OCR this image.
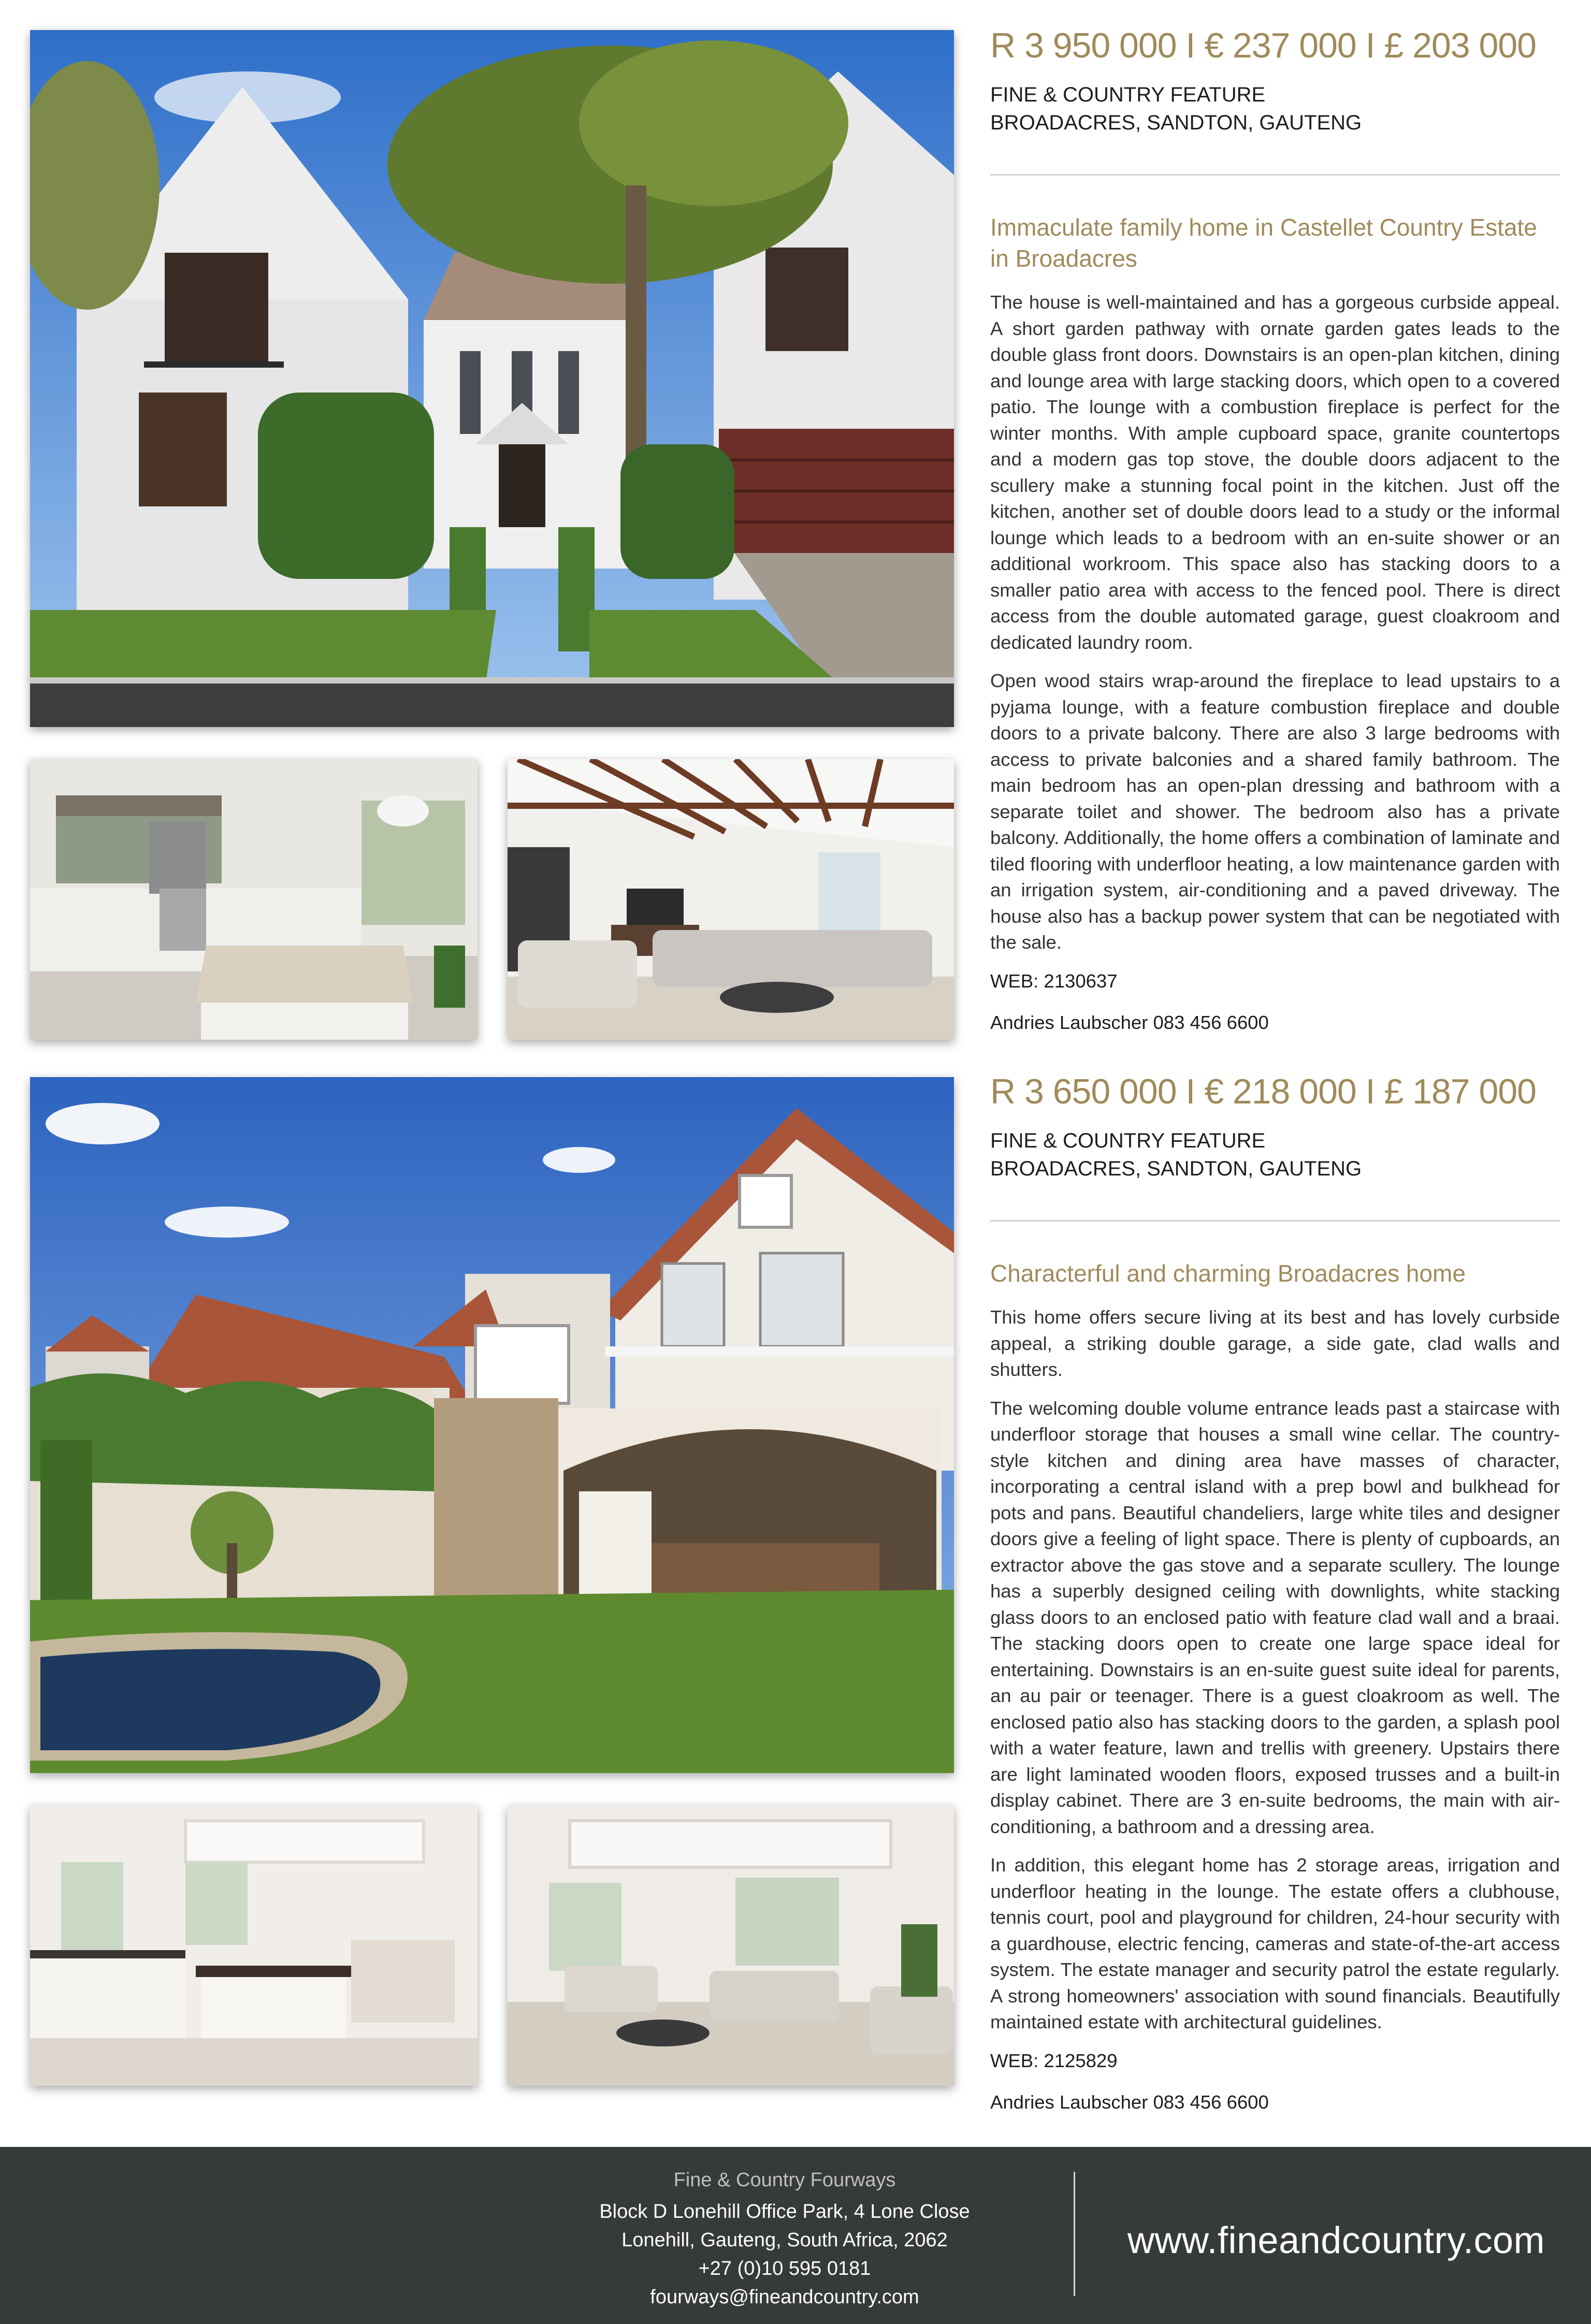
R 3 950 000 I € 237 000 I £ 203 000
FINE & COUNTRY FEATURE
BROADACRES, SANDTON, GAUTENG
Immaculate family home in Castellet Country Estate in Broadacres
The house is well-maintained and has a gorgeous curbside appeal. A short garden pathway with ornate garden gates leads to the double glass front doors. Downstairs is an open-plan kitchen, dining and lounge area with large stacking doors, which open to a covered patio. The lounge with a combustion fireplace is perfect for the winter months. With ample cupboard space, granite countertops and a modern gas top stove, the double doors adjacent to the scullery make a stunning focal point in the kitchen. Just off the kitchen, another set of double doors lead to a study or the informal lounge which leads to a bedroom with an en-suite shower or an additional workroom. This space also has stacking doors to a smaller patio area with access to the fenced pool. There is direct access from the double automated garage, guest cloakroom and dedicated laundry room.
Open wood stairs wrap-around the fireplace to lead upstairs to a pyjama lounge, with a feature combustion fireplace and double doors to a private balcony. There are also 3 large bedrooms with access to private balconies and a shared family bathroom. The main bedroom has an open-plan dressing and bathroom with a separate toilet and shower. The bedroom also has a private balcony. Additionally, the home offers a combination of laminate and tiled flooring with underfloor heating, a low maintenance garden with an irrigation system, air-conditioning and a paved driveway. The house also has a backup power system that can be negotiated with the sale.
WEB: 2130637
Andries Laubscher 083 456 6600
R 3 650 000 I € 218 000 I £ 187 000
FINE & COUNTRY FEATURE
BROADACRES, SANDTON, GAUTENG
Characterful and charming Broadacres home
This home offers secure living at its best and has lovely curbside appeal, a striking double garage, a side gate, clad walls and shutters.
The welcoming double volume entrance leads past a staircase with underfloor storage that houses a small wine cellar. The country-style kitchen and dining area have masses of character, incorporating a central island with a prep bowl and bulkhead for pots and pans. Beautiful chandeliers, large white tiles and designer doors give a feeling of light space. There is plenty of cupboards, an extractor above the gas stove and a separate scullery. The lounge has a superbly designed ceiling with downlights, white stacking glass doors to an enclosed patio with feature clad wall and a braai. The stacking doors open to create one large space ideal for entertaining. Downstairs is an en-suite guest suite ideal for parents, an au pair or teenager. There is a guest cloakroom as well. The enclosed patio also has stacking doors to the garden, a splash pool with a water feature, lawn and trellis with greenery. Upstairs there are light laminated wooden floors, exposed trusses and a built-in display cabinet. There are 3 en-suite bedrooms, the main with air-conditioning, a bathroom and a dressing area.
In addition, this elegant home has 2 storage areas, irrigation and underfloor heating in the lounge. The estate offers a clubhouse, tennis court, pool and playground for children, 24-hour security with a guardhouse, electric fencing, cameras and state-of-the-art access system. The estate manager and security patrol the estate regularly. A strong homeowners' association with sound financials. Beautifully maintained estate with architectural guidelines.
WEB: 2125829
Andries Laubscher 083 456 6600
Fine & Country Fourways
Block D Lonehill Office Park, 4 Lone Close
Lonehill, Gauteng, South Africa, 2062
+27 (0)10 595 0181
fourways@fineandcountry.com
www.fineandcountry.com
